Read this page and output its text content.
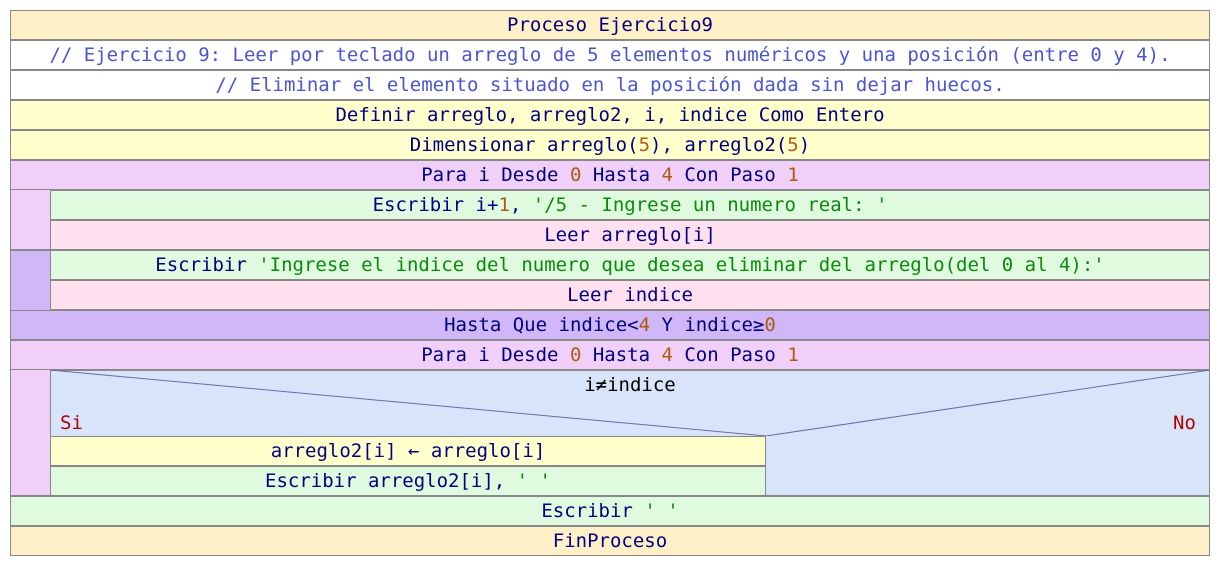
Proceso Ejercicio9
// Ejercicio 9: Leer por teclado un arreglo de 5 elementos numéricos y una posición (entre 0 y 4).
// Eliminar el elemento situado en la posición dada sin dejar huecos.
Definir arreglo, arreglo2, i, indice Como Entero
Dimensionar arreglo( 5 ), arreglo2( 5 )
Para i Desde 0 Hasta 4 Con Paso 1
Escribir i+ 1 , '/5 - Ingrese un numero real: '
Leer arreglo[i]
Escribir 'Ingrese el indice del numero que desea eliminar del arreglo(del 0 al 4):'
Leer indice
Hasta Que indice< 4 Y indice≥ 0
Para i Desde 0 Hasta 4 Con Paso 1
i≠indice
Si	No
arreglo2[i] ← arreglo[i]
Escribir arreglo2[i], ' '
Escribir ' '
FinProceso
